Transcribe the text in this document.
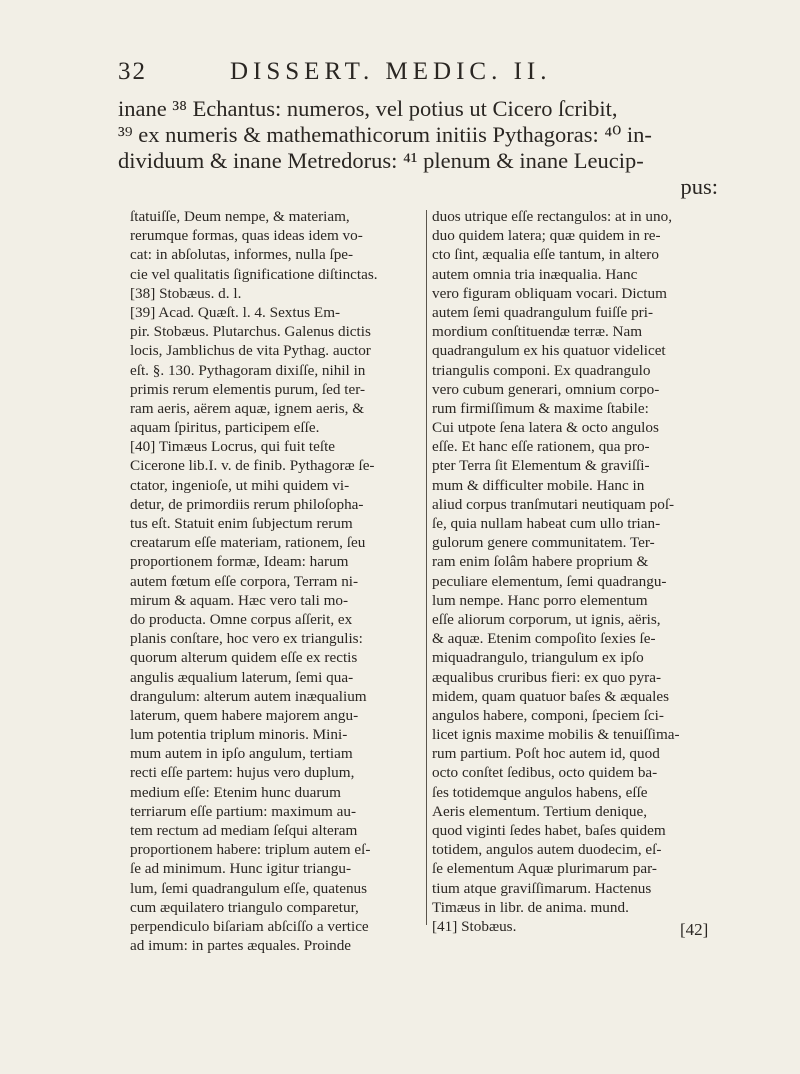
32	DISSERT. MEDIC. II.
inane ³⁸ Echantus: numeros, vel potius ut Cicero ſcribit,
³⁹ ex numeris & mathemathicorum initiis Pythagoras: ⁴⁰ in-
dividuum & inane Metredorus: ⁴¹ plenum & inane Leucip-
pus:
ſtatuiſſe, Deum nempe, & materiam,
rerumque formas, quas ideas idem vo-
cat: in abſolutas, informes, nulla ſpe-
cie vel qualitatis ſignificatione diſtinctas.
[38] Stobæus. d. l.
[39] Acad. Quæſt. l. 4. Sextus Em-
pir. Stobæus. Plutarchus. Galenus dictis
locis, Jamblichus de vita Pythag. auctor
eſt. §. 130. Pythagoram dixiſſe, nihil in
primis rerum elementis purum, ſed ter-
ram aeris, aërem aquæ, ignem aeris, &
aquam ſpiritus, participem eſſe.
[40] Timæus Locrus, qui fuit teſte
Cicerone lib.I. v. de finib. Pythagoræ ſe-
ctator, ingenioſe, ut mihi quidem vi-
detur, de primordiis rerum philoſopha-
tus eſt. Statuit enim ſubjectum rerum
creatarum eſſe materiam, rationem, ſeu
proportionem formæ, Ideam: harum
autem fœtum eſſe corpora, Terram ni-
mirum & aquam. Hæc vero tali mo-
do producta. Omne corpus aſſerit, ex
planis conſtare, hoc vero ex triangulis:
quorum alterum quidem eſſe ex rectis
angulis æqualium laterum, ſemi qua-
drangulum: alterum autem inæqualium
laterum, quem habere majorem angu-
lum potentia triplum minoris. Mini-
mum autem in ipſo angulum, tertiam
recti eſſe partem: hujus vero duplum,
medium eſſe: Etenim hunc duarum
terriarum eſſe partium: maximum au-
tem rectum ad mediam ſeſqui alteram
proportionem habere: triplum autem eſ-
ſe ad minimum. Hunc igitur triangu-
lum, ſemi quadrangulum eſſe, quatenus
cum æquilatero triangulo comparetur,
perpendiculo biſariam abſciſſo a vertice
ad imum: in partes æquales. Proinde
duos utrique eſſe rectangulos: at in uno,
duo quidem latera; quæ quidem in re-
cto ſint, æqualia eſſe tantum, in altero
autem omnia tria inæqualia. Hanc
vero figuram obliquam vocari. Dictum
autem ſemi quadrangulum fuiſſe pri-
mordium conſtituendæ terræ. Nam
quadrangulum ex his quatuor videlicet
triangulis componi. Ex quadrangulo
vero cubum generari, omnium corpo-
rum firmiſſimum & maxime ſtabile:
Cui utpote ſena latera & octo angulos
eſſe. Et hanc eſſe rationem, qua pro-
pter Terra ſit Elementum & graviſſi-
mum & difficulter mobile. Hanc in
aliud corpus tranſmutari neutiquam poſ-
ſe, quia nullam habeat cum ullo trian-
gulorum genere communitatem. Ter-
ram enim ſolâm habere proprium &
peculiare elementum, ſemi quadrangu-
lum nempe. Hanc porro elementum
eſſe aliorum corporum, ut ignis, aëris,
& aquæ. Etenim compoſito ſexies ſe-
miquadrangulo, triangulum ex ipſo
æqualibus cruribus fieri: ex quo pyra-
midem, quam quatuor baſes & æquales
angulos habere, componi, ſpeciem ſci-
licet ignis maxime mobilis & tenuiſſima-
rum partium. Poſt hoc autem id, quod
octo conſtet ſedibus, octo quidem ba-
ſes totidemque angulos habens, eſſe
Aeris elementum. Tertium denique,
quod viginti ſedes habet, baſes quidem
totidem, angulos autem duodecim, eſ-
ſe elementum Aquæ plurimarum par-
tium atque graviſſimarum. Hactenus
Timæus in libr. de anima. mund.
[41] Stobæus.	[42]
